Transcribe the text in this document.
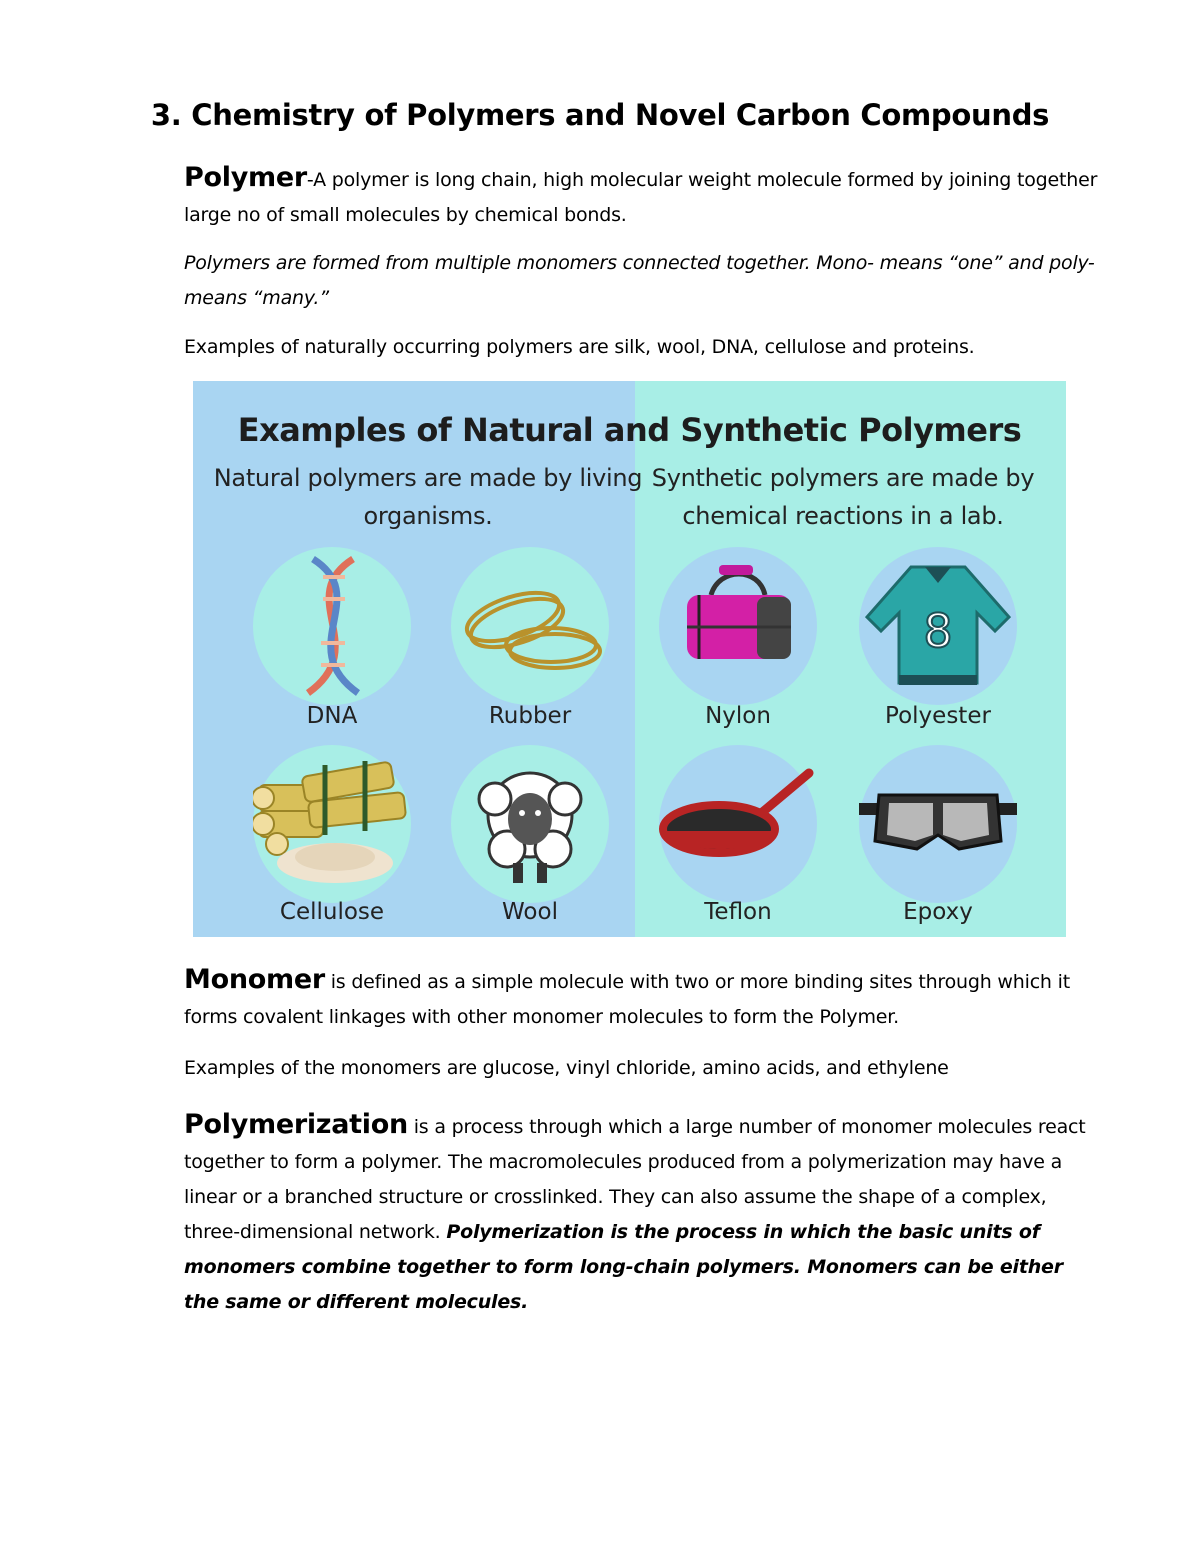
3. Chemistry of Polymers and Novel Carbon Compounds
Polymer-A polymer is long chain, high molecular weight molecule formed by joining together large no of small molecules by chemical bonds.
Polymers are formed from multiple monomers connected together. Mono- means “one” and poly- means “many.”
Examples of naturally occurring polymers are silk, wool, DNA, cellulose and proteins.
Examples of Natural and Synthetic Polymers
Natural polymers are made by living organisms.
Synthetic polymers are made by chemical reactions in a lab.
DNA	Rubber	Nylon
8
Polyester
Cellulose	Wool	Teflon	Epoxy
Monomer is defined as a simple molecule with two or more binding sites through which it forms covalent linkages with other monomer molecules to form the Polymer.
Examples of the monomers are glucose, vinyl chloride, amino acids, and ethylene
Polymerization is a process through which a large number of monomer molecules react together to form a polymer. The macromolecules produced from a polymerization may have a linear or a branched structure or crosslinked. They can also assume the shape of a complex, three-dimensional network. Polymerization is the process in which the basic units of monomers combine together to form long-chain polymers. Monomers can be either the same or different molecules.
